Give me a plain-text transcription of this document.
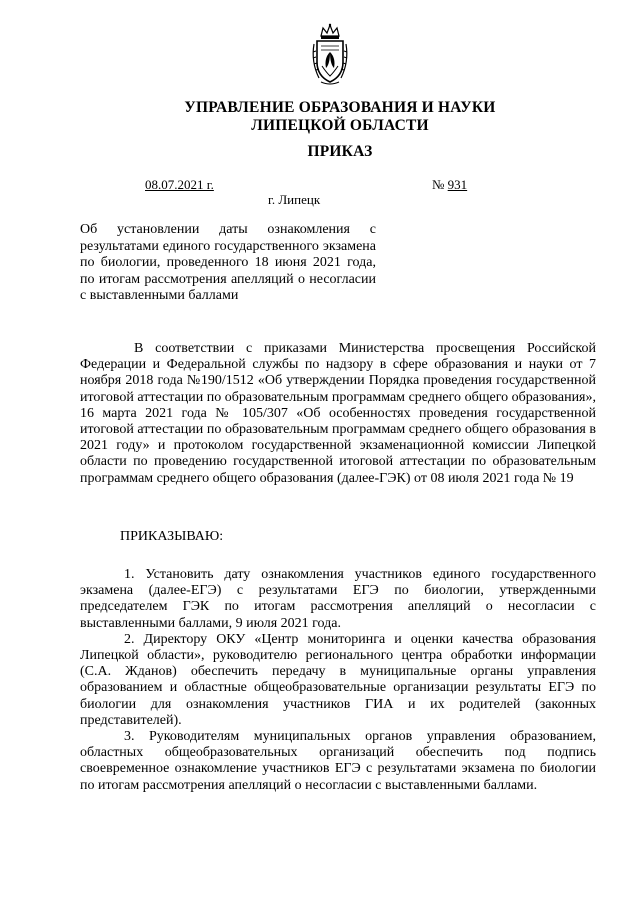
УПРАВЛЕНИЕ ОБРАЗОВАНИЯ И НАУКИ
ЛИПЕЦКОЙ ОБЛАСТИ
ПРИКАЗ
08.07.2021 г.	№ 931
г. Липецк
Об установлении даты ознакомления с результатами единого государственного экзамена по биологии, проведенного 18 июня 2021 года, по итогам рассмотрения апелляций о несогласии с выставленными баллами

В соответствии с приказами Министерства просвещения Российской Федерации и Федеральной службы по надзору в сфере образования и науки от 7 ноября 2018 года №190/1512 «Об утверждении Порядка проведения государственной итоговой аттестации по образовательным программам среднего общего образования», 16 марта 2021 года № 105/307 «Об особенностях проведения государственной итоговой аттестации по образовательным программам среднего общего образования в 2021 году» и протоколом государственной экзаменационной комиссии Липецкой области по проведению государственной итоговой аттестации по образовательным программам среднего общего образования (далее-ГЭК) от 08 июля 2021 года № 19

ПРИКАЗЫВАЮ:

1. Установить дату ознакомления участников единого государственного экзамена (далее-ЕГЭ) с результатами ЕГЭ по биологии, утвержденными председателем ГЭК по итогам рассмотрения апелляций о несогласии с выставленными баллами, 9 июля 2021 года.

2. Директору ОКУ «Центр мониторинга и оценки качества образования Липецкой области», руководителю регионального центра обработки информации (С.А. Жданов) обеспечить передачу в муниципальные органы управления образованием и областные общеобразовательные организации результаты ЕГЭ по биологии для ознакомления участников ГИА и их родителей (законных представителей).

3. Руководителям муниципальных органов управления образованием, областных общеобразовательных организаций обеспечить под подпись своевременное ознакомление участников ЕГЭ с результатами экзамена по биологии по итогам рассмотрения апелляций о несогласии с выставленными баллами.
